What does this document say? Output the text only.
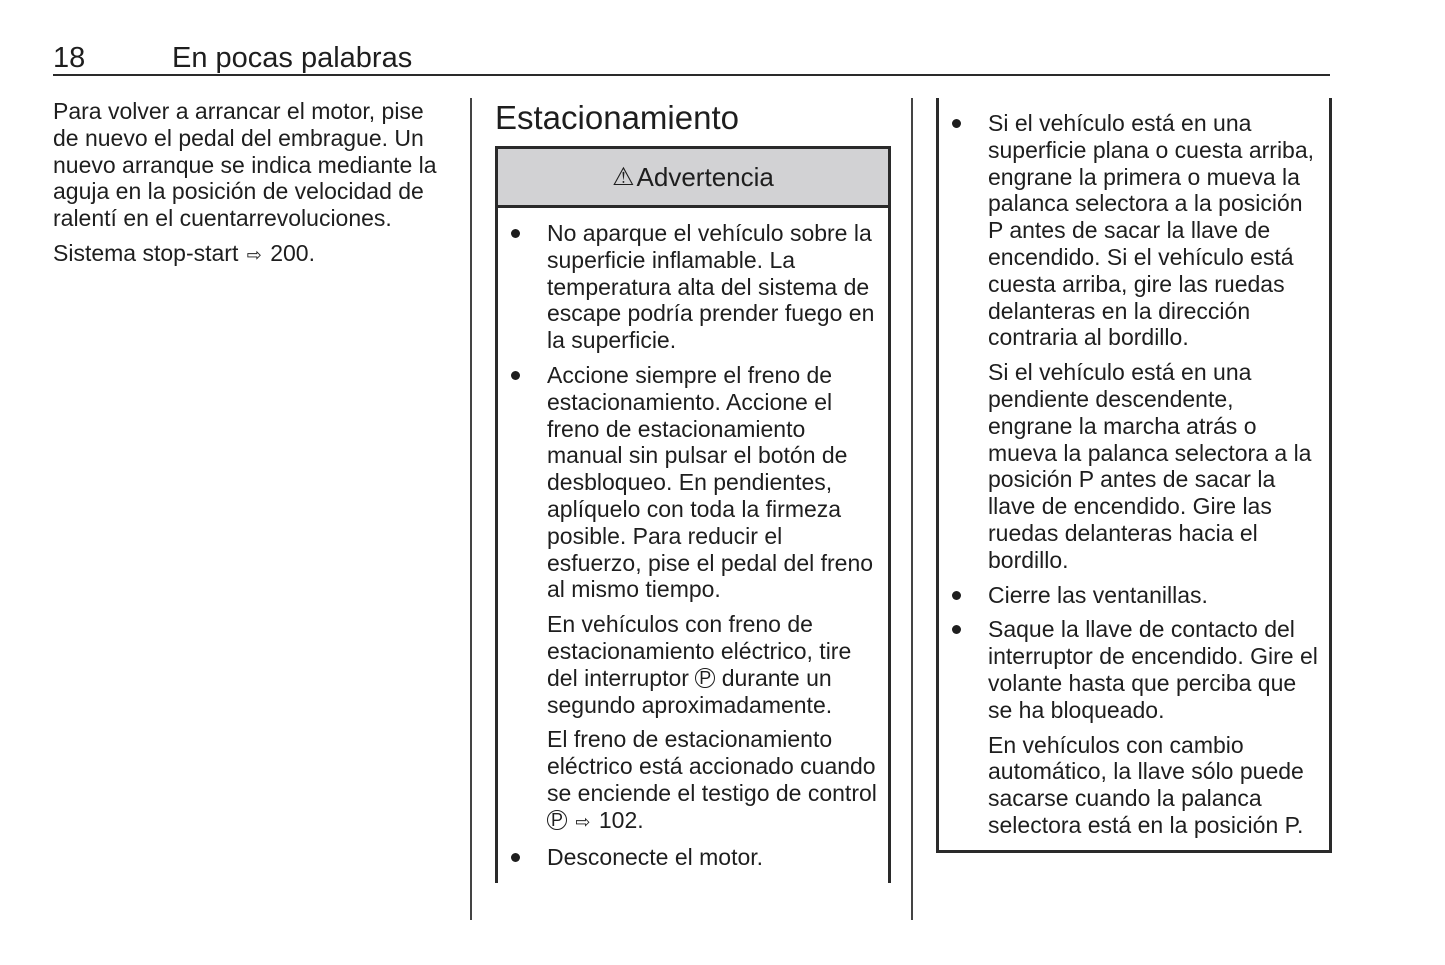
18	En pocas palabras

Para volver a arrancar el motor, pise de nuevo el pedal del embrague. Un nuevo arranque se indica mediante la aguja en la posición de velocidad de ralentí en el cuentarrevoluciones.

Sistema stop-start ⇨ 200.

Estacionamiento
⚠ Advertencia

No aparque el vehículo sobre la superficie inflamable. La temperatura alta del sistema de escape podría prender fuego en la superficie.

Accione siempre el freno de estacionamiento. Accione el freno de estacionamiento manual sin pulsar el botón de desbloqueo. En pendientes, aplíquelo con toda la firmeza posible. Para reducir el esfuerzo, pise el pedal del freno al mismo tiempo.

En vehículos con freno de estacionamiento eléctrico, tire del interruptor P durante un segundo aproximadamente.

El freno de estacionamiento eléctrico está accionado cuando se enciende el testigo de control P ⇨ 102.

Desconecte el motor.

Si el vehículo está en una superficie plana o cuesta arriba, engrane la primera o mueva la palanca selectora a la posición P antes de sacar la llave de encendido. Si el vehículo está cuesta arriba, gire las ruedas delanteras en la dirección contraria al bordillo.

Si el vehículo está en una pendiente descendente, engrane la marcha atrás o mueva la palanca selectora a la posición P antes de sacar la llave de encendido. Gire las ruedas delanteras hacia el bordillo.

Cierre las ventanillas.

Saque la llave de contacto del interruptor de encendido. Gire el volante hasta que perciba que se ha bloqueado.

En vehículos con cambio automático, la llave sólo puede sacarse cuando la palanca selectora está en la posición P.
